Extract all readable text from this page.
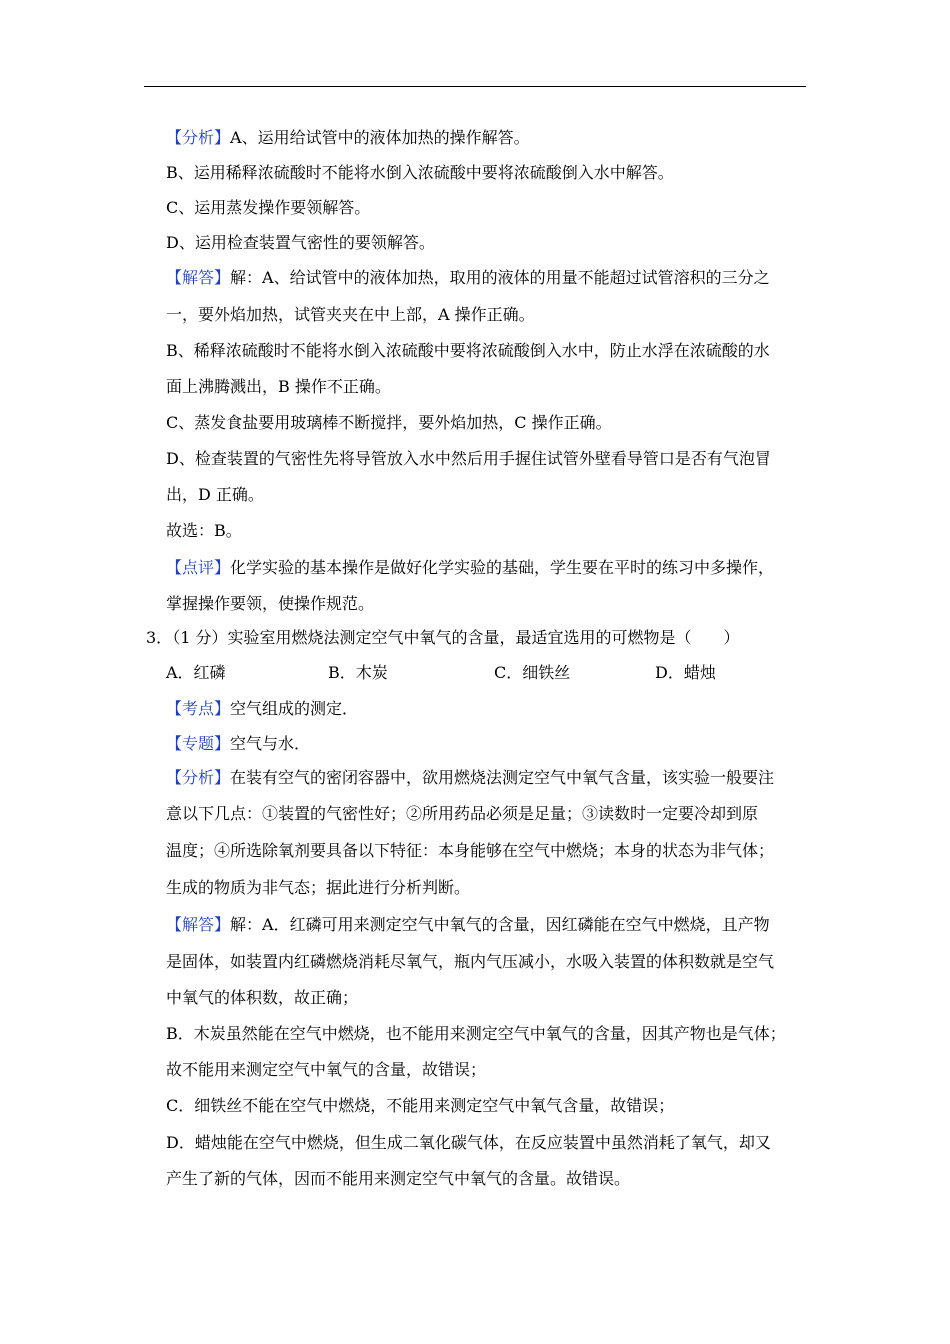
【分析】A、运用给试管中的液体加热的操作解答。
B、运用稀释浓硫酸时不能将水倒入浓硫酸中要将浓硫酸倒入水中解答。
C、运用蒸发操作要领解答。
D、运用检查装置气密性的要领解答。
【解答】解：A、给试管中的液体加热，取用的液体的用量不能超过试管溶积的三分之
一，要外焰加热，试管夹夹在中上部，A 操作正确。
B、稀释浓硫酸时不能将水倒入浓硫酸中要将浓硫酸倒入水中，防止水浮在浓硫酸的水
面上沸腾溅出，B 操作不正确。
C、蒸发食盐要用玻璃棒不断搅拌，要外焰加热，C 操作正确。
D、检查装置的气密性先将导管放入水中然后用手握住试管外壁看导管口是否有气泡冒
出，D 正确。
故选：B。
【点评】化学实验的基本操作是做好化学实验的基础，学生要在平时的练习中多操作，
掌握操作要领，使操作规范。
3．（1 分）实验室用燃烧法测定空气中氧气的含量，最适宜选用的可燃物是（　　）
A．红磷	B．木炭	C．细铁丝	D．蜡烛
【考点】空气组成的测定．
【专题】空气与水．
【分析】在装有空气的密闭容器中，欲用燃烧法测定空气中氧气含量，该实验一般要注
意以下几点：①装置的气密性好；②所用药品必须是足量；③读数时一定要冷却到原
温度；④所选除氧剂要具备以下特征：本身能够在空气中燃烧；本身的状态为非气体；
生成的物质为非气态；据此进行分析判断。
【解答】解：A．红磷可用来测定空气中氧气的含量，因红磷能在空气中燃烧，且产物
是固体，如装置内红磷燃烧消耗尽氧气，瓶内气压减小，水吸入装置的体积数就是空气
中氧气的体积数，故正确；
B．木炭虽然能在空气中燃烧，也不能用来测定空气中氧气的含量，因其产物也是气体；
故不能用来测定空气中氧气的含量，故错误；
C．细铁丝不能在空气中燃烧，不能用来测定空气中氧气含量，故错误；
D．蜡烛能在空气中燃烧，但生成二氧化碳气体，在反应装置中虽然消耗了氧气，却又
产生了新的气体，因而不能用来测定空气中氧气的含量。故错误。
